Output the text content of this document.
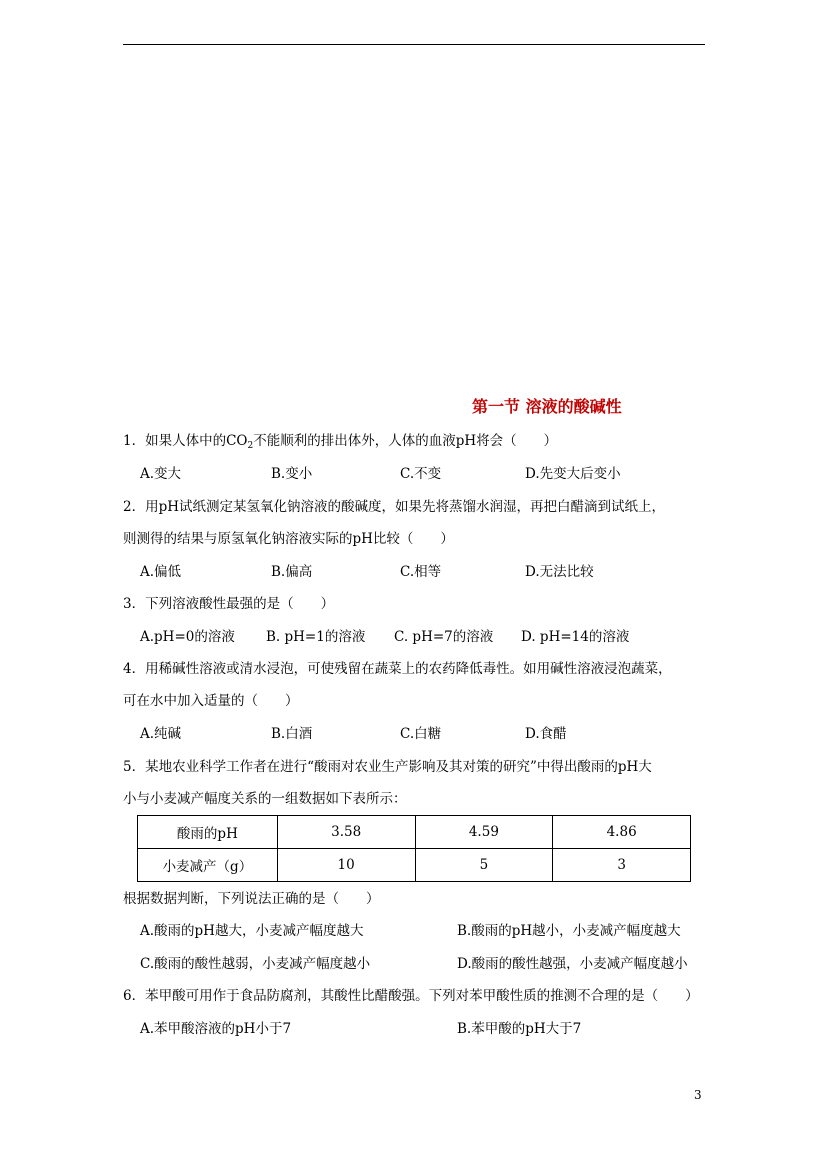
第一节 溶液的酸碱性
1．如果人体中的$CO_2$不能顺利的排出体外，人体的血液pH将会（　　）
A.变大	B.变小	C.不变	D.先变大后变小
2．用pH试纸测定某氢氧化钠溶液的酸碱度，如果先将蒸馏水润湿，再把白醋滴到试纸上，
则测得的结果与原氢氧化钠溶液实际的pH比较（　　）
A.偏低	B.偏高	C.相等	D.无法比较
3．下列溶液酸性最强的是（　　）
A.pH=0的溶液 B. pH=1的溶液 C. pH=7的溶液 D. pH=14的溶液
4．用稀碱性溶液或清水浸泡，可使残留在蔬菜上的农药降低毒性。如用碱性溶液浸泡蔬菜，
可在水中加入适量的（　　）
A.纯碱	B.白酒	C.白糖	D.食醋
5．某地农业科学工作者在进行“酸雨对农业生产影响及其对策的研究”中得出酸雨的pH大
小与小麦减产幅度关系的一组数据如下表所示：
酸雨的pH	3.58	4.59	4.86
小麦减产（g）	10	5	3
根据数据判断，下列说法正确的是（　　）
A.酸雨的pH越大，小麦减产幅度越大	B.酸雨的pH越小，小麦减产幅度越大
C.酸雨的酸性越弱，小麦减产幅度越小	D.酸雨的酸性越强，小麦减产幅度越小
6．苯甲酸可用作于食品防腐剂，其酸性比醋酸强。下列对苯甲酸性质的推测不合理的是（　　）
A.苯甲酸溶液的pH小于7	B.苯甲酸的pH大于7
3
